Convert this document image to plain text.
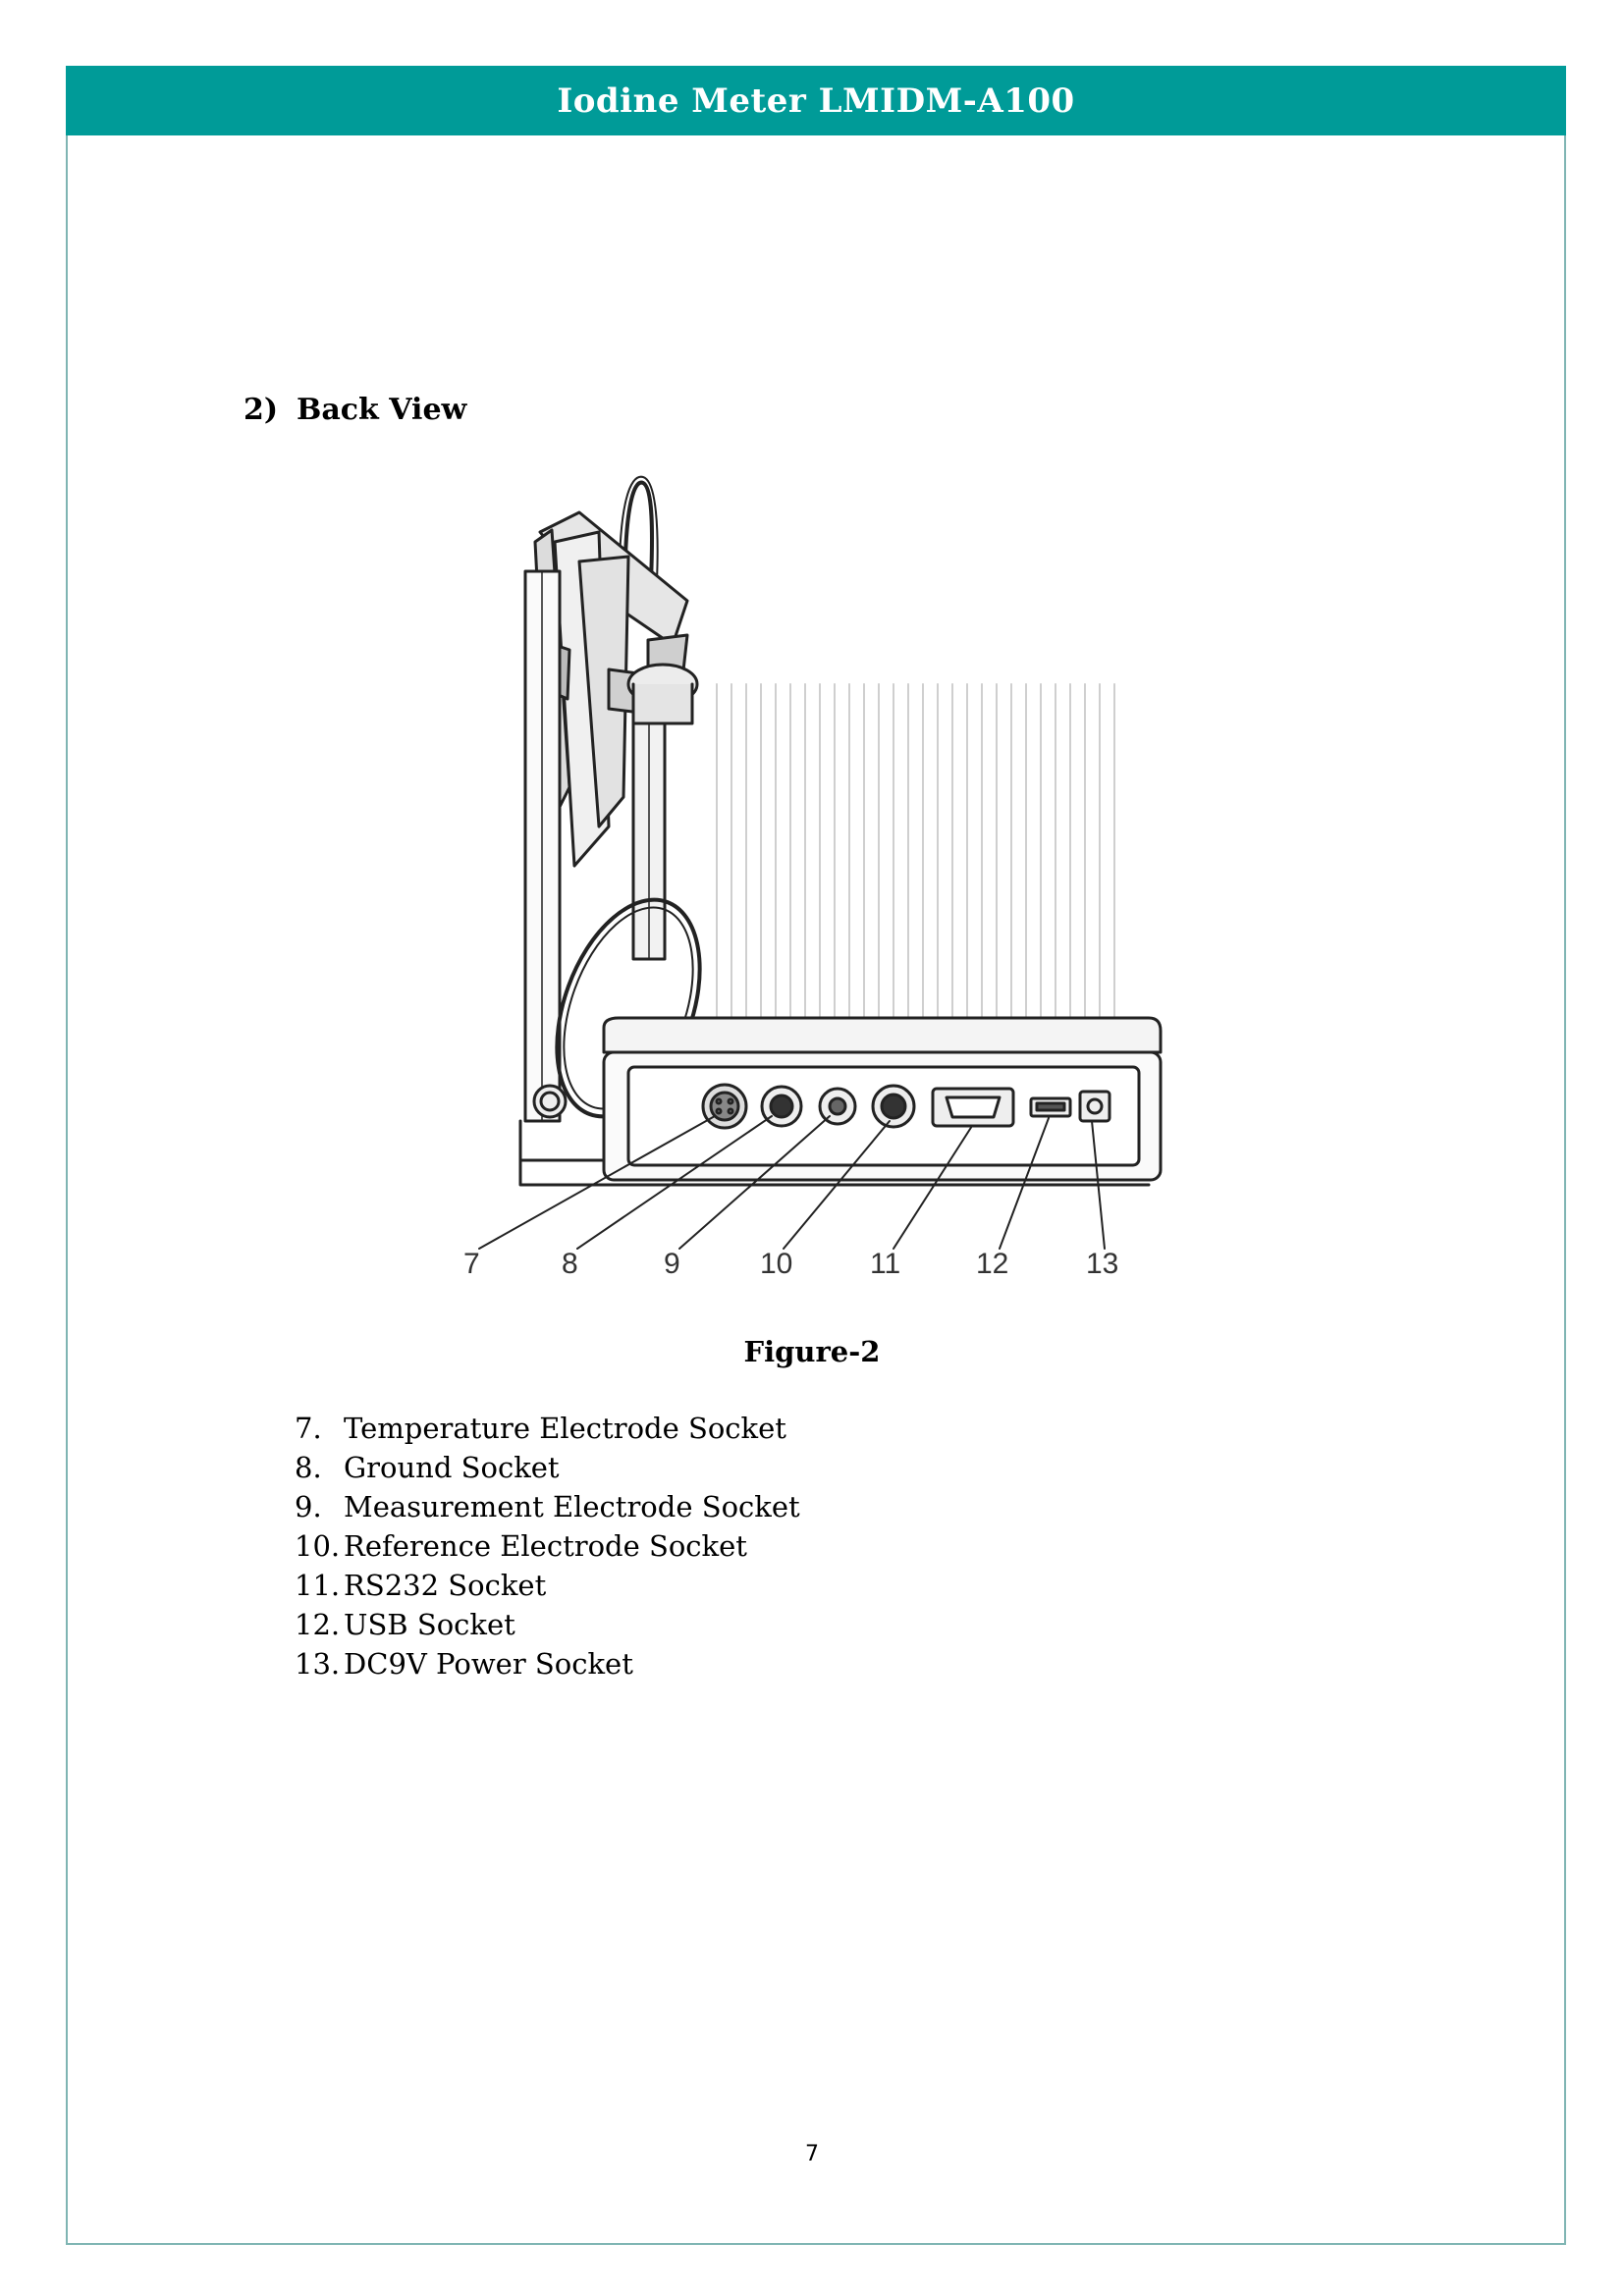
Iodine Meter LMIDM-A100
2) Back View
7	8	9	10	11	12	13
Figure-2
7. Temperature Electrode Socket
8. Ground Socket
9. Measurement Electrode Socket
10. Reference Electrode Socket
11. RS232 Socket
12. USB Socket
13. DC9V Power Socket
7
